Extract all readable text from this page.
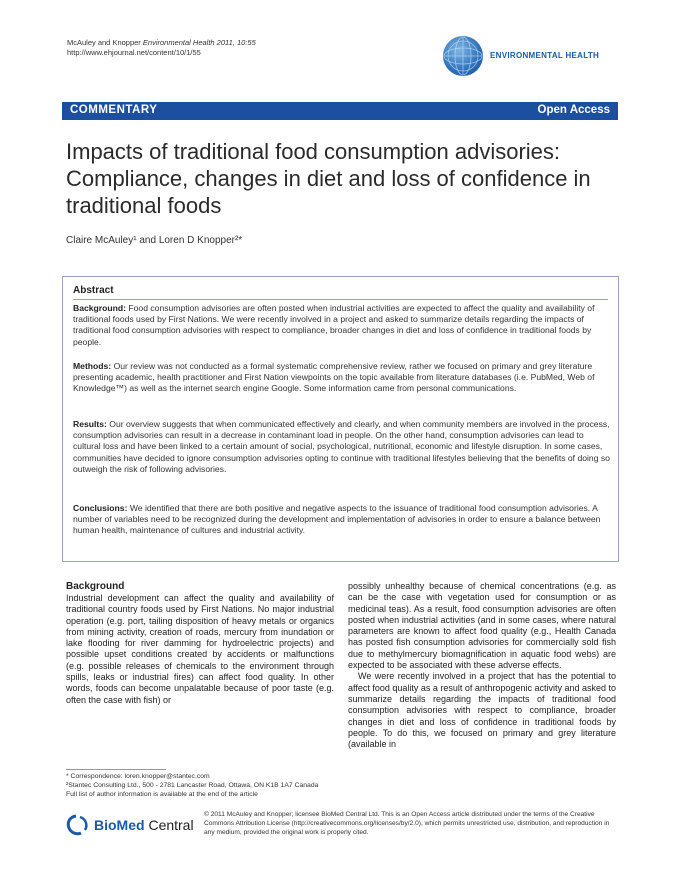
McAuley and Knopper Environmental Health 2011, 10:55
http://www.ehjournal.net/content/10/1/55	ENVIRONMENTAL HEALTH
COMMENTARY	Open Access
Impacts of traditional food consumption advisories: Compliance, changes in diet and loss of confidence in traditional foods
Claire McAuley¹ and Loren D Knopper²*
Abstract
Background: Food consumption advisories are often posted when industrial activities are expected to affect the quality and availability of traditional foods used by First Nations. We were recently involved in a project and asked to summarize details regarding the impacts of traditional food consumption advisories with respect to compliance, broader changes in diet and loss of confidence in traditional foods by people.
Methods: Our review was not conducted as a formal systematic comprehensive review, rather we focused on primary and grey literature presenting academic, health practitioner and First Nation viewpoints on the topic available from literature databases (i.e. PubMed, Web of Knowledge™) as well as the internet search engine Google. Some information came from personal communications.
Results: Our overview suggests that when communicated effectively and clearly, and when community members are involved in the process, consumption advisories can result in a decrease in contaminant load in people. On the other hand, consumption advisories can lead to cultural loss and have been linked to a certain amount of social, psychological, nutritional, economic and lifestyle disruption. In some cases, communities have decided to ignore consumption advisories opting to continue with traditional lifestyles believing that the benefits of doing so outweigh the risk of following advisories.
Conclusions: We identified that there are both positive and negative aspects to the issuance of traditional food consumption advisories. A number of variables need to be recognized during the development and implementation of advisories in order to ensure a balance between human health, maintenance of cultures and industrial activity.
Background

Industrial development can affect the quality and availability of traditional country foods used by First Nations. No major industrial operation (e.g. port, tailing disposition of heavy metals or organics from mining activity, creation of roads, mercury from inundation or lake flooding for river damming for hydroelectric projects) and possible upset conditions created by accidents or malfunctions (e.g. possible releases of chemicals to the environment through spills, leaks or industrial fires) can affect food quality. In other words, foods can become unpalatable because of poor taste (e.g. often the case with fish) or

possibly unhealthy because of chemical concentrations (e.g. as can be the case with vegetation used for consumption or as medicinal teas). As a result, food consumption advisories are often posted when industrial activities (and in some cases, where natural parameters are known to affect food quality (e.g., Health Canada has posted fish consumption advisories for commercially sold fish due to methylmercury biomagnification in aquatic food webs) are expected to be associated with these adverse effects.

We were recently involved in a project that has the potential to affect food quality as a result of anthropogenic activity and asked to summarize details regarding the impacts of traditional food consumption advisories with respect to compliance, broader changes in diet and loss of confidence in traditional foods by people. To do this, we focused on primary and grey literature (available in

* Correspondence: loren.knopper@stantec.com
²Stantec Consulting Ltd., 500 - 2781 Lancaster Road, Ottawa, ON K1B 1A7 Canada
Full list of author information is available at the end of the article
BioMed Central
© 2011 McAuley and Knopper; licensee BioMed Central Ltd. This is an Open Access article distributed under the terms of the Creative Commons Attribution License (http://creativecommons.org/licenses/by/2.0), which permits unrestricted use, distribution, and reproduction in any medium, provided the original work is properly cited.
